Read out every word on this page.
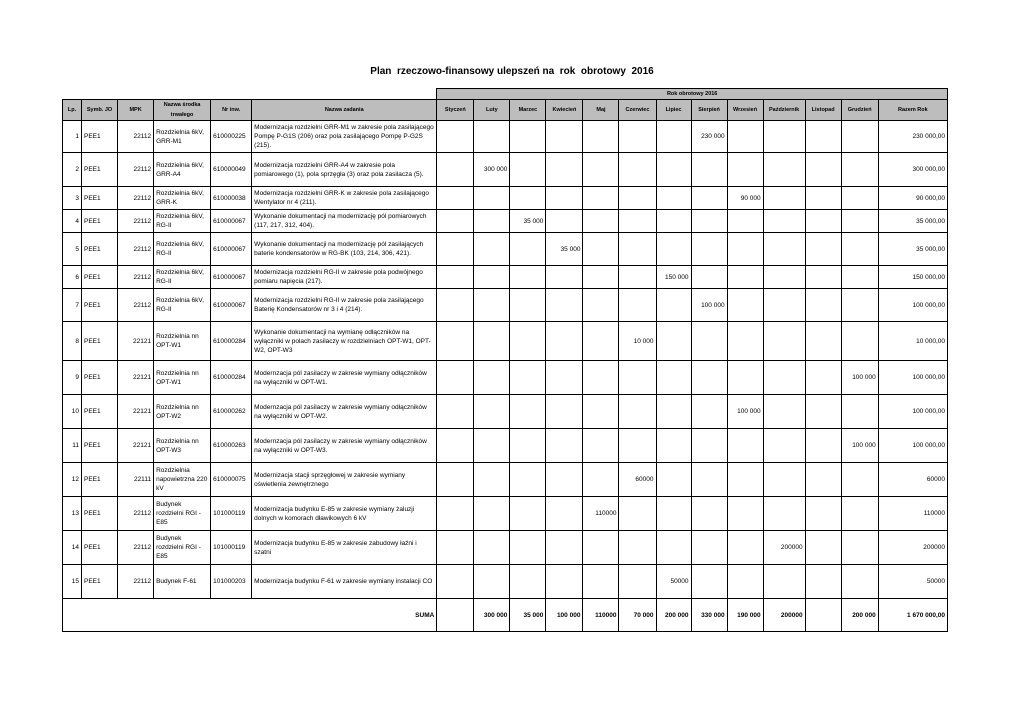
Plan  rzeczowo-finansowy ulepszeń na  rok  obrotowy  2016
						Rok obrotowy 2016												
Lp.	Symb. JO	MPK	Nazwa środka trwałego	Nr inw.	Nazwa zadania	Styczeń	Luty	Marzec	Kwiecień	Maj	Czerwiec	Lipiec	Sierpień	Wrzesień	Październik	Listopad	Grudzień	Razem Rok
1	PEE1	22112	Rozdzielnia 6kV, GRR-M1	610000225	Modernizacja rozdzielni GRR-M1 w zakresie pola zasilającego Pompę P-G1S (206) oraz pola zasilającego Pompę P-G2S (215).								230 000					230 000,00
2	PEE1	22112	Rozdzielnia 6kV, GRR-A4	610000049	Modernizacja rozdzielni GRR-A4 w zakresie pola pomiarowego (1), pola sprzęgła (3) oraz pola zasilacza (5).		300 000											300 000,00
3	PEE1	22112	Rozdzielnia 6kV, GRR-K	610000038	Modernizacja rozdzielni GRR-K w zakresie pola zasilającego Wentylator nr 4 (211).									90 000				90 000,00
4	PEE1	22112	Rozdzielnia 6kV, RG-II	610000067	Wykonanie dokumentacji na modernizację pól pomiarowych (117, 217, 312, 404).			35 000										35 000,00
5	PEE1	22112	Rozdzielnia 6kV, RG-II	610000067	Wykonanie dokumentacji na modernizację pól zasilających baterie kondensatorów w RG-BK (103, 214, 306, 421).				35 000									35 000,00
6	PEE1	22112	Rozdzielnia 6kV, RG-II	610000067	Modernizacja rozdzielni RG-II w zakresie pola podwójnego pomiaru napięcia (217).							150 000						150 000,00
7	PEE1	22112	Rozdzielnia 6kV, RG-II	610000067	Modernizacja rozdzielni RG-II w zakresie pola zasilającego Baterię Kondensatorów nr 3 i 4 (214).								100 000					100 000,00
8	PEE1	22121	Rozdzielnia nn OPT-W1	610000284	Wykonanie dokumentacji na wymianę odłączników na wyłączniki w polach zasilaczy w rozdzielniach OPT-W1, OPT-W2, OPT-W3						10 000							10 000,00
9	PEE1	22121	Rozdzielnia nn OPT-W1	610000284	Modernzacja pól zasilaczy w zakresie wymiany odłączników na wyłączniki w OPT-W1.												100 000	100 000,00
10	PEE1	22121	Rozdzielnia nn OPT-W2	610000262	Modernzacja pól zasilaczy w zakresie wymiany odłączników na wyłączniki w OPT-W2.									100 000				100 000,00
11	PEE1	22121	Rozdzielnia nn OPT-W3	610000263	Modernzacja pól zasilaczy w zakresie wymiany odłączników na wyłączniki w OPT-W3.												100 000	100 000,00
12	PEE1	22111	Rozdzielnia napowietrzna 220 kV	610000075	Modernizacja stacji sprzęgłowej w zakresie wymiany oświetlenia zewnętrznego						60000							60000
13	PEE1	22112	Budynek rozdzielni RGI - E85	101000119	Modernizacja budynku E-85 w zakresie wymiany żaluzji dolnych w komorach dławikowych 6 kV					110000								110000
14	PEE1	22112	Budynek rozdzielni RGI - E85	101000119	Modernizacja budynku E-85 w zakresie zabudowy łaźni i szatni										200000			200000
15	PEE1	22112	Budynek F-61	101000203	Modernizacja budynku F-61 w zakresie wymiany instalacji CO							50000						50000
SUMA							300 000	35 000	100 000	110000	70 000	200 000	330 000	190 000	200000		200 000	1 670 000,00
